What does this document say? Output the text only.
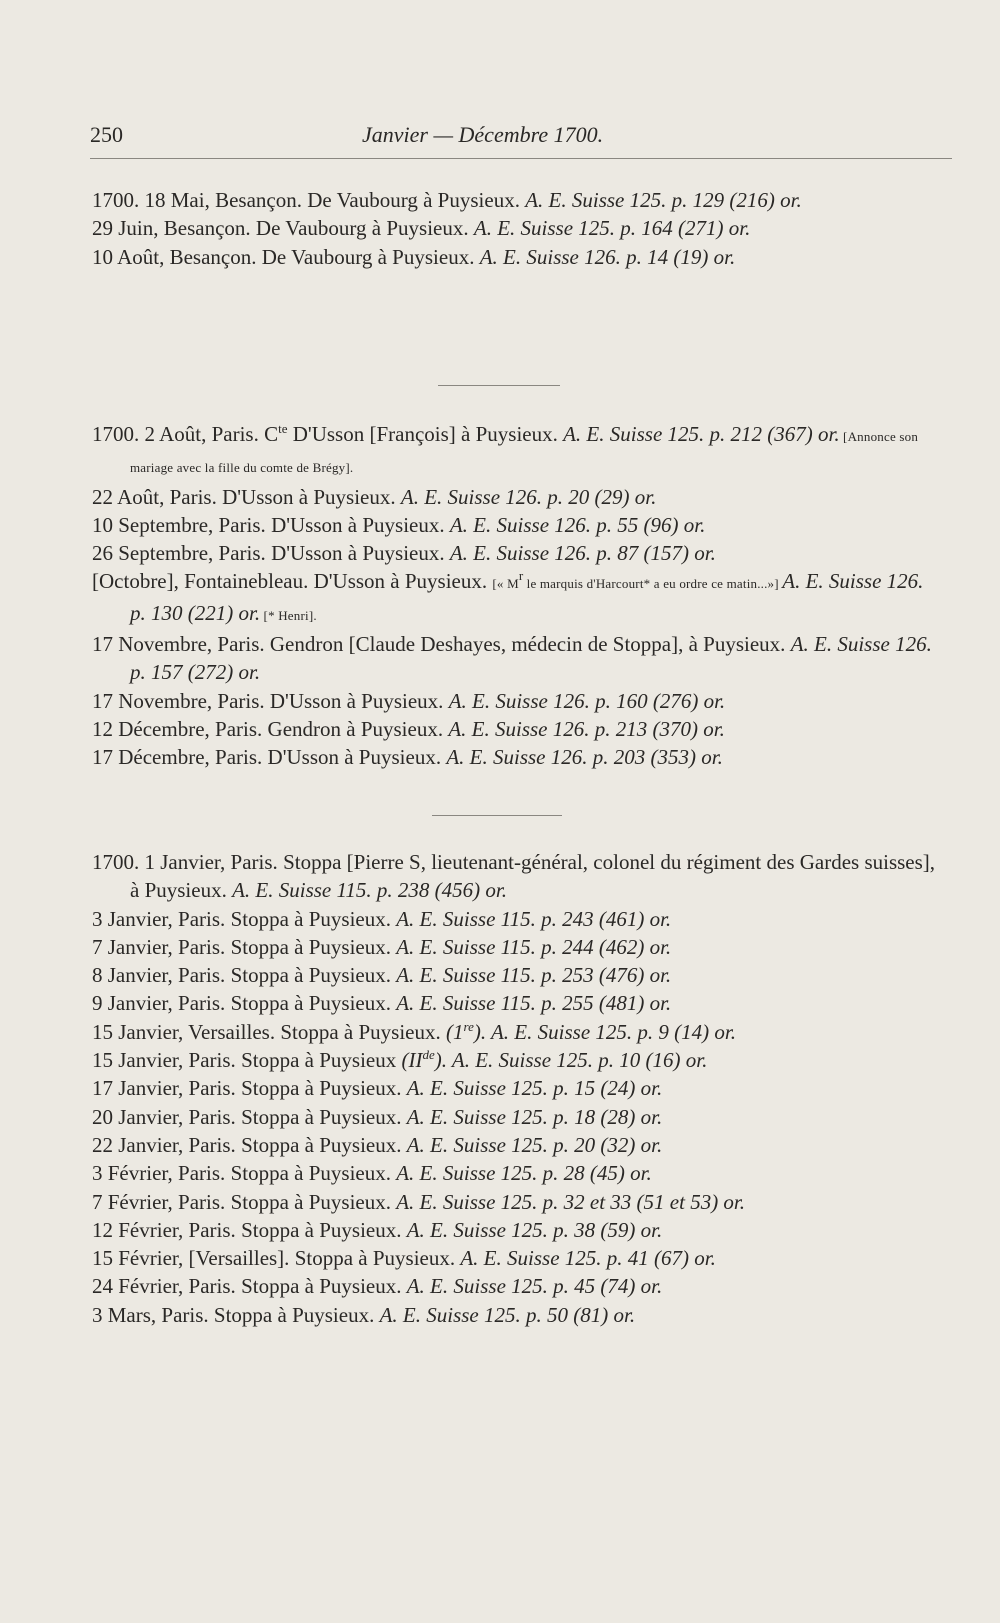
250	Janvier — Décembre 1700.

1700. 18 Mai, Besançon. De Vaubourg à Puysieux. A. E. Suisse 125. p. 129 (216) or.

29 Juin, Besançon. De Vaubourg à Puysieux. A. E. Suisse 125. p. 164 (271) or.

10 Août, Besançon. De Vaubourg à Puysieux. A. E. Suisse 126. p. 14 (19) or.

1700. 2 Août, Paris. $C^{te}$ D'Usson [François] à Puysieux. A. E. Suisse 125. p. 212 (367) or. [Annonce son mariage avec la fille du comte de Brégy].

22 Août, Paris. D'Usson à Puysieux. A. E. Suisse 126. p. 20 (29) or.

10 Septembre, Paris. D'Usson à Puysieux. A. E. Suisse 126. p. 55 (96) or.

26 Septembre, Paris. D'Usson à Puysieux. A. E. Suisse 126. p. 87 (157) or.

[Octobre], Fontainebleau. D'Usson à Puysieux. [« $M^r$ le marquis d'Harcourt* a eu ordre ce matin...»] A. E. Suisse 126. p. 130 (221) or. [* Henri].

17 Novembre, Paris. Gendron [Claude Deshayes, médecin de Stoppa], à Puysieux. A. E. Suisse 126. p. 157 (272) or.

17 Novembre, Paris. D'Usson à Puysieux. A. E. Suisse 126. p. 160 (276) or.

12 Décembre, Paris. Gendron à Puysieux. A. E. Suisse 126. p. 213 (370) or.

17 Décembre, Paris. D'Usson à Puysieux. A. E. Suisse 126. p. 203 (353) or.

1700. 1 Janvier, Paris. Stoppa [Pierre S, lieutenant-général, colonel du régiment des Gardes suisses], à Puysieux. A. E. Suisse 115. p. 238 (456) or.

3 Janvier, Paris. Stoppa à Puysieux. A. E. Suisse 115. p. 243 (461) or.

7 Janvier, Paris. Stoppa à Puysieux. A. E. Suisse 115. p. 244 (462) or.

8 Janvier, Paris. Stoppa à Puysieux. A. E. Suisse 115. p. 253 (476) or.

9 Janvier, Paris. Stoppa à Puysieux. A. E. Suisse 115. p. 255 (481) or.

15 Janvier, Versailles. Stoppa à Puysieux. (1re). A. E. Suisse 125. p. 9 (14) or.

15 Janvier, Paris. Stoppa à Puysieux (IIde). A. E. Suisse 125. p. 10 (16) or.

17 Janvier, Paris. Stoppa à Puysieux. A. E. Suisse 125. p. 15 (24) or.

20 Janvier, Paris. Stoppa à Puysieux. A. E. Suisse 125. p. 18 (28) or.

22 Janvier, Paris. Stoppa à Puysieux. A. E. Suisse 125. p. 20 (32) or.

3 Février, Paris. Stoppa à Puysieux. A. E. Suisse 125. p. 28 (45) or.

7 Février, Paris. Stoppa à Puysieux. A. E. Suisse 125. p. 32 et 33 (51 et 53) or.

12 Février, Paris. Stoppa à Puysieux. A. E. Suisse 125. p. 38 (59) or.

15 Février, [Versailles]. Stoppa à Puysieux. A. E. Suisse 125. p. 41 (67) or.

24 Février, Paris. Stoppa à Puysieux. A. E. Suisse 125. p. 45 (74) or.

3 Mars, Paris. Stoppa à Puysieux. A. E. Suisse 125. p. 50 (81) or.
